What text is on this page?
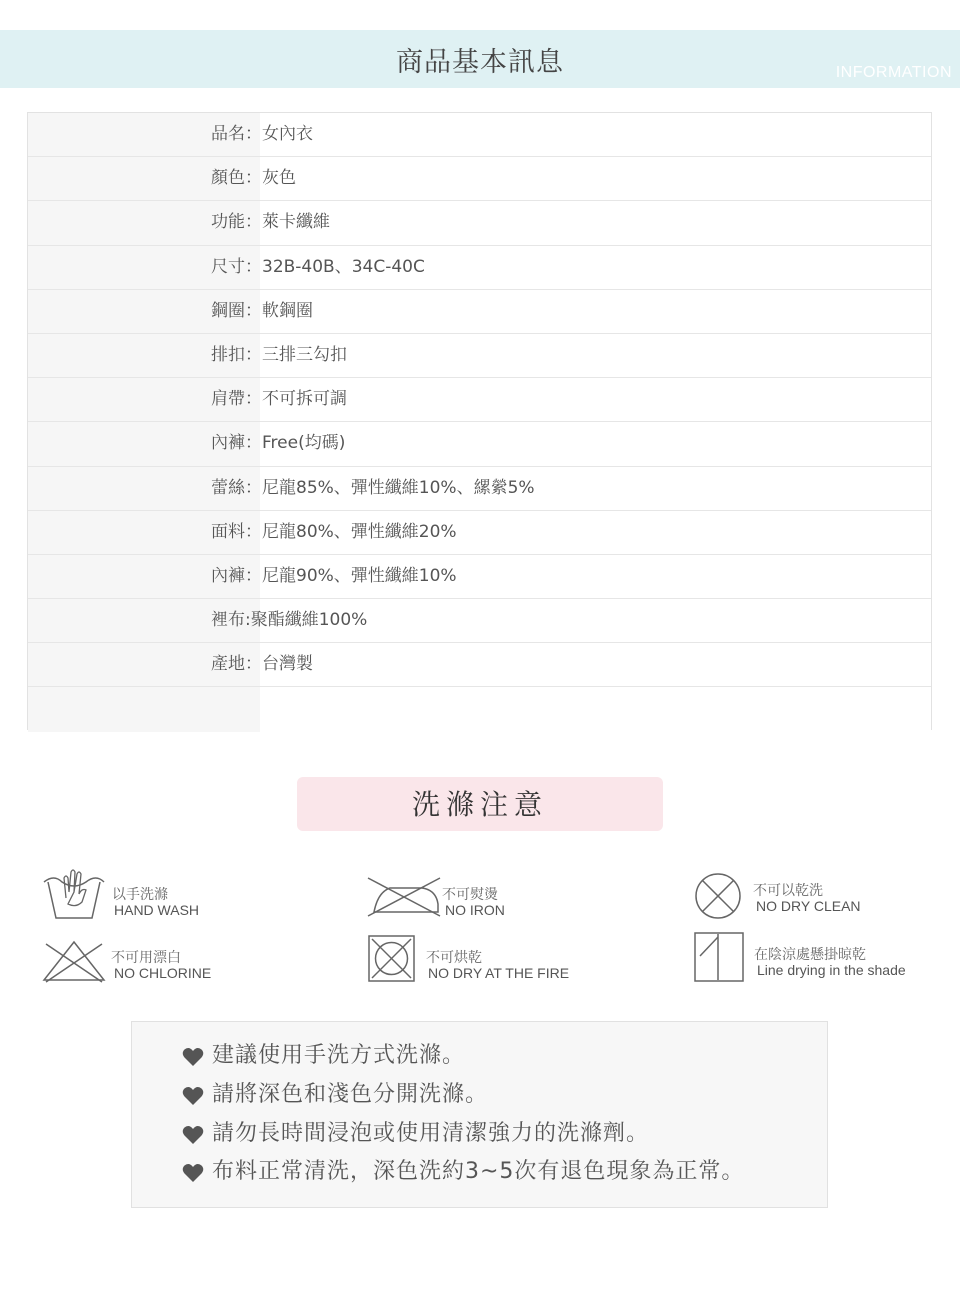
商品基本訊息	INFORMATION
品名：女內衣
顏色：灰色
功能：萊卡纖維
尺寸：32B-40B、34C-40C
鋼圈：軟鋼圈
排扣：三排三勾扣
肩帶：不可拆可調
內褲：Free(均碼)
蕾絲：尼龍85%、彈性纖維10%、縲縈5%
面料：尼龍80%、彈性纖維20%
內褲：尼龍90%、彈性纖維10%
裡布:聚酯纖維100%
產地：台灣製
洗滌注意
以手洗滌
HAND WASH
不可熨燙
NO IRON
不可以乾洗
NO DRY CLEAN
不可用漂白
NO CHLORINE
不可烘乾
NO DRY AT THE FIRE
在陰涼處懸掛晾乾
Line drying in the shade
建議使用手洗方式洗滌。
請將深色和淺色分開洗滌。
請勿長時間浸泡或使用清潔強力的洗滌劑。
布料正常清洗，深色洗約3~5次有退色現象為正常。
